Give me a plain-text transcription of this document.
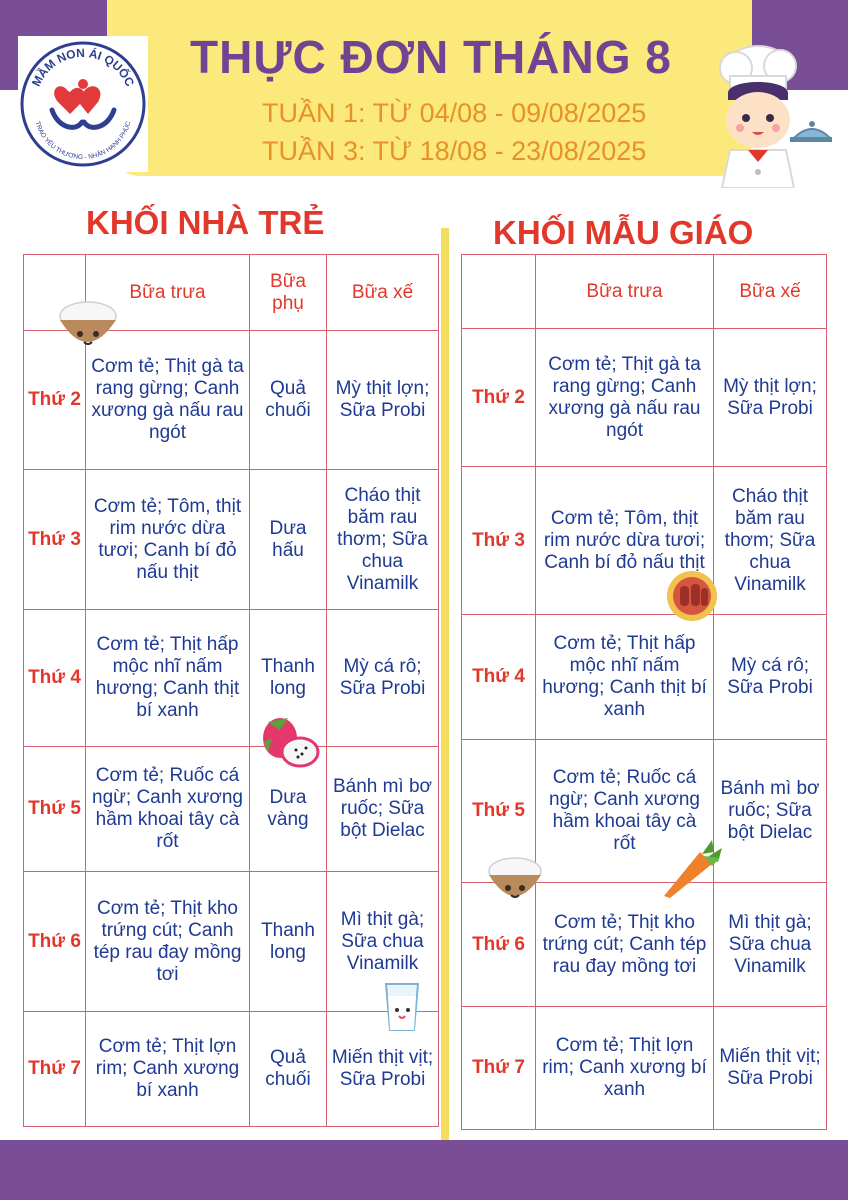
MẦM NON ÁI QUỐC
TRAO YÊU THƯƠNG - NHẬN HẠNH PHÚC
THỰC ĐƠN THÁNG 8
TUẦN 1: TỪ 04/08 - 09/08/2025
TUẦN 3: TỪ 18/08 - 23/08/2025
KHỐI NHÀ TRẺ	KHỐI MẪU GIÁO
	Bữa trưa	Bữa phụ	Bữa xế
Thứ 2	Cơm tẻ; Thịt gà ta rang gừng; Canh xương gà nấu rau ngót	Quả chuối	Mỳ thịt lợn; Sữa Probi
Thứ 3	Cơm tẻ; Tôm, thịt rim nước dừa tươi; Canh bí đỏ nấu thịt	Dưa hấu	Cháo thịt băm rau thơm; Sữa chua Vinamilk
Thứ 4	Cơm tẻ; Thịt hấp mộc nhĩ nấm hương; Canh thịt bí xanh	Thanh long	Mỳ cá rô; Sữa Probi
Thứ 5	Cơm tẻ; Ruốc cá ngừ; Canh xương hầm khoai tây cà rốt	Dưa vàng	Bánh mì bơ ruốc; Sữa bột Dielac
Thứ 6	Cơm tẻ; Thịt kho trứng cút; Canh tép rau đay mồng tơi	Thanh long	Mì thịt gà; Sữa chua Vinamilk
Thứ 7	Cơm tẻ; Thịt lợn rim; Canh xương bí xanh	Quả chuối	Miến thịt vịt; Sữa Probi
	Bữa trưa	Bữa xế
Thứ 2	Cơm tẻ; Thịt gà ta rang gừng; Canh xương gà nấu rau ngót	Mỳ thịt lợn; Sữa Probi
Thứ 3	Cơm tẻ; Tôm, thịt rim nước dừa tươi; Canh bí đỏ nấu thịt	Cháo thịt băm rau thơm; Sữa chua Vinamilk
Thứ 4	Cơm tẻ; Thịt hấp mộc nhĩ nấm hương; Canh thịt bí xanh	Mỳ cá rô; Sữa Probi
Thứ 5	Cơm tẻ; Ruốc cá ngừ; Canh xương hầm khoai tây cà rốt	Bánh mì bơ ruốc; Sữa bột Dielac
Thứ 6	Cơm tẻ; Thịt kho trứng cút; Canh tép rau đay mồng tơi	Mì thịt gà; Sữa chua Vinamilk
Thứ 7	Cơm tẻ; Thịt lợn rim; Canh xương bí xanh	Miến thịt vịt; Sữa Probi
